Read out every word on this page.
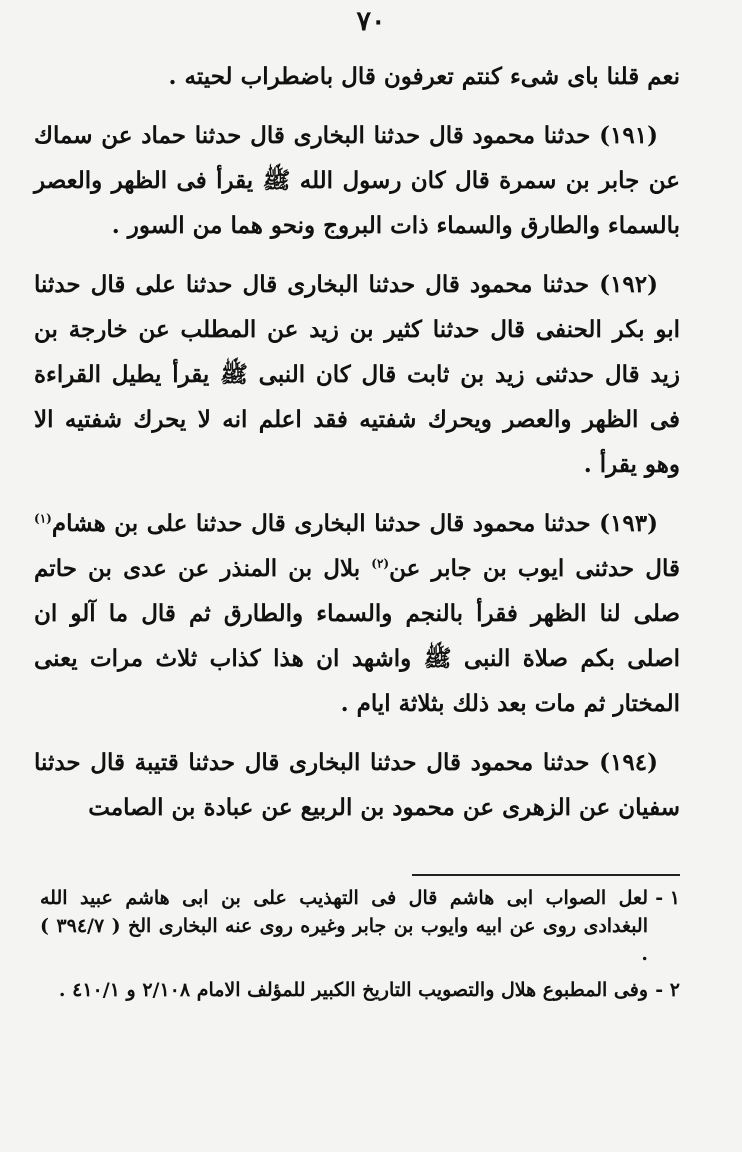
٧٠

نعم قلنا باى شىء كنتم تعرفون قال باضطراب لحيته .

(١٩١) حدثنا محمود قال حدثنا البخارى قال حدثنا حماد عن سماك عن جابر بن سمرة قال كان رسول الله ﷺ يقرأ فى الظهر والعصر بالسماء والطارق والسماء ذات البروج ونحو هما من السور .

(١٩٢) حدثنا محمود قال حدثنا البخارى قال حدثنا على قال حدثنا ابو بكر الحنفى قال حدثنا كثير بن زيد عن المطلب عن خارجة بن زيد قال حدثنى زيد بن ثابت قال كان النبى ﷺ يقرأ يطيل القراءة فى الظهر والعصر ويحرك شفتيه فقد اعلم انه لا يحرك شفتيه الا وهو يقرأ .

(١٩٣) حدثنا محمود قال حدثنا البخارى قال حدثنا على بن هشام$^{(١)}$ قال حدثنى ايوب بن جابر عن$^{(٢)}$ بلال بن المنذر عن عدى بن حاتم صلى لنا الظهر فقرأ بالنجم والسماء والطارق ثم قال ما آلو ان اصلى بكم صلاة النبى ﷺ واشهد ان هذا كذاب ثلاث مرات يعنى المختار ثم مات بعد ذلك بثلاثة ايام .

(١٩٤) حدثنا محمود قال حدثنا البخارى قال حدثنا قتيبة قال حدثنا سفيان عن الزهرى عن محمود بن الربيع عن عبادة بن الصامت

١ -
لعل الصواب ابى هاشم قال فى التهذيب على بن ابى هاشم عبيد الله البغدادى روى عن ابيه وايوب بن جابر وغيره روى عنه البخارى الخ ( ٣٩٤/٧ ) .
٢ -
وفى المطبوع هلال والتصويب التاريخ الكبير للمؤلف الامام ٢/١٠٨ و ٤١٠/١ .
